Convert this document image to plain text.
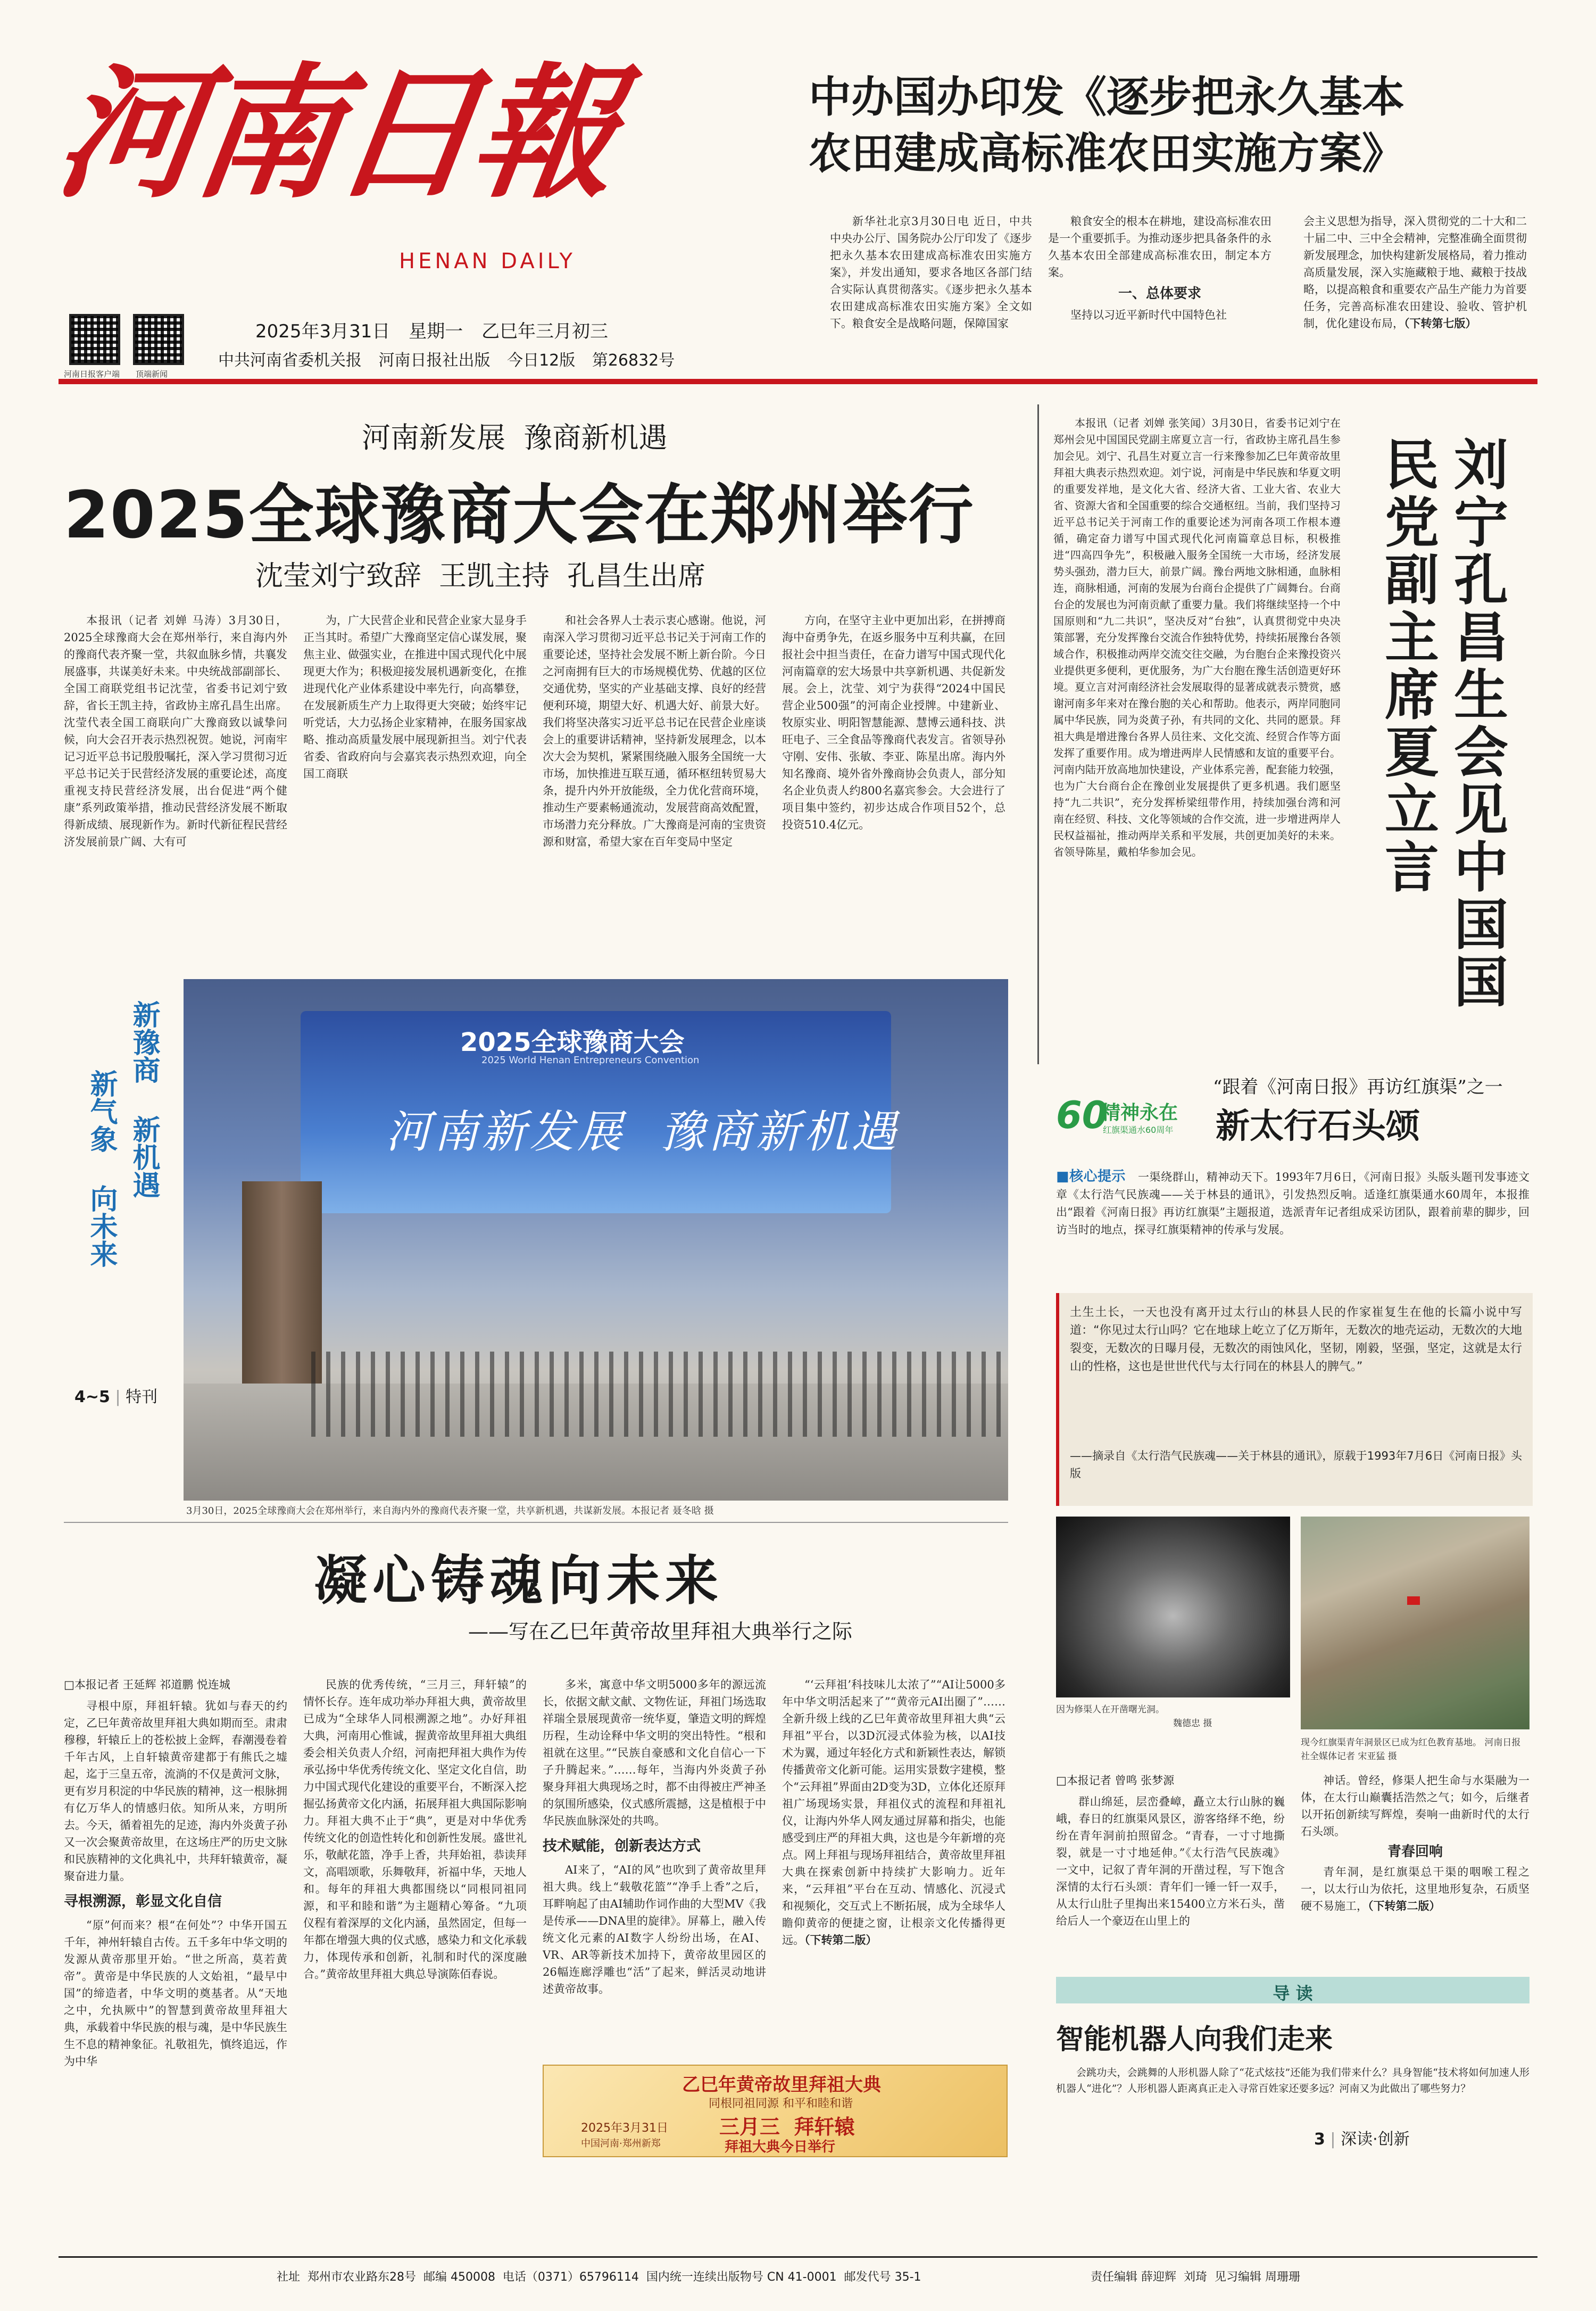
河南日報
HENAN DAILY
河南日报客户端 顶端新闻
2025年3月31日 星期一 乙巳年三月初三
中共河南省委机关报 河南日报社出版 今日12版 第26832号
中办国办印发《逐步把永久基本
农田建成高标准农田实施方案》

新华社北京3月30日电 近日，中共中央办公厅、国务院办公厅印发了《逐步把永久基本农田建成高标准农田实施方案》，并发出通知，要求各地区各部门结合实际认真贯彻落实。《逐步把永久基本农田建成高标准农田实施方案》全文如下。粮食安全是战略问题，保障国家

粮食安全的根本在耕地，建设高标准农田是一个重要抓手。为推动逐步把具备条件的永久基本农田全部建成高标准农田，制定本方案。

一、总体要求

坚持以习近平新时代中国特色社

会主义思想为指导，深入贯彻党的二十大和二十届二中、三中全会精神，完整准确全面贯彻新发展理念，加快构建新发展格局，着力推动高质量发展，深入实施藏粮于地、藏粮于技战略，以提高粮食和重要农产品生产能力为首要任务，完善高标准农田建设、验收、管护机制，优化建设布局，（下转第七版）
河南新发展  豫商新机遇
2025全球豫商大会在郑州举行
沈莹刘宁致辞  王凯主持  孔昌生出席

本报讯（记者 刘婵 马涛）3月30日，2025全球豫商大会在郑州举行，来自海内外的豫商代表齐聚一堂，共叙血脉乡情，共襄发展盛事，共谋美好未来。中央统战部副部长、全国工商联党组书记沈莹，省委书记刘宁致辞，省长王凯主持，省政协主席孔昌生出席。沈莹代表全国工商联向广大豫商致以诚挚问候，向大会召开表示热烈祝贺。她说，河南牢记习近平总书记殷殷嘱托，深入学习贯彻习近平总书记关于民营经济发展的重要论述，高度重视支持民营经济发展，出台促进“两个健康”系列政策举措，推动民营经济发展不断取得新成绩、展现新作为。新时代新征程民营经济发展前景广阔、大有可

为，广大民营企业和民营企业家大显身手正当其时。希望广大豫商坚定信心谋发展，聚焦主业、做强实业，在推进中国式现代化中展现更大作为；积极迎接发展机遇新变化，在推进现代化产业体系建设中率先行，向高攀登，在发展新质生产力上取得更大突破；始终牢记听党话，大力弘扬企业家精神，在服务国家战略、推动高质量发展中展现新担当。刘宁代表省委、省政府向与会嘉宾表示热烈欢迎，向全国工商联

和社会各界人士表示衷心感谢。他说，河南深入学习贯彻习近平总书记关于河南工作的重要论述，坚持社会发展不断上新台阶。今日之河南拥有巨大的市场规模优势、优越的区位交通优势，坚实的产业基础支撑、良好的经营便利环境，期望大好、机遇大好、前景大好。我们将坚决落实习近平总书记在民营企业座谈会上的重要讲话精神，坚持新发展理念，以本次大会为契机，紧紧围绕融入服务全国统一大市场，加快推进互联互通，循环枢纽转贸易大条，提升内外开放能级，全力优化营商环境，推动生产要素畅通流动，发展营商高效配置，市场潜力充分释放。广大豫商是河南的宝贵资源和财富，希望大家在百年变局中坚定

方向，在坚守主业中更加出彩，在拼搏商海中奋勇争先，在返乡服务中互利共赢，在回报社会中担当责任，在奋力谱写中国式现代化河南篇章的宏大场景中共享新机遇、共促新发展。会上，沈莹、刘宁为获得“2024中国民营企业500强”的河南企业授牌。中建新业、牧原实业、明阳智慧能源、慧博云通科技、洪旺电子、三全食品等豫商代表发言。省领导孙守刚、安伟、张敏、李亚、陈星出席。海内外知名豫商、境外省外豫商协会负责人，部分知名企业负责人约800名嘉宾参会。大会进行了项目集中签约，初步达成合作项目52个，总投资510.4亿元。

本报讯（记者 刘婵 张笑闻）3月30日，省委书记刘宁在郑州会见中国国民党副主席夏立言一行，省政协主席孔昌生参加会见。刘宁、孔昌生对夏立言一行来豫参加乙巳年黄帝故里拜祖大典表示热烈欢迎。刘宁说，河南是中华民族和华夏文明的重要发祥地，是文化大省、经济大省、工业大省、农业大省、资源大省和全国重要的综合交通枢纽。当前，我们坚持习近平总书记关于河南工作的重要论述为河南各项工作根本遵循，确定奋力谱写中国式现代化河南篇章总目标，积极推进“四高四争先”，积极融入服务全国统一大市场，经济发展势头强劲，潜力巨大，前景广阔。豫台两地文脉相通，血脉相连，商脉相通，河南的发展为台商台企提供了广阔舞台。台商台企的发展也为河南贡献了重要力量。我们将继续坚持一个中国原则和“九二共识”，坚决反对“台独”，认真贯彻党中央决策部署，充分发挥豫台交流合作独特优势，持续拓展豫台各领域合作，积极推动两岸交流交往交融，为台胞台企来豫投资兴业提供更多便利，更优服务，为广大台胞在豫生活创造更好环境。夏立言对河南经济社会发展取得的显著成就表示赞赏，感谢河南多年来对在豫台胞的关心和帮助。他表示，两岸同胞同属中华民族，同为炎黄子孙，有共同的文化、共同的愿景。拜祖大典是增进豫台各界人员往来、文化交流、经贸合作等方面发挥了重要作用。成为增进两岸人民情感和友谊的重要平台。河南内陆开放高地加快建设，产业体系完善，配套能力较强，也为广大台商台企在豫创业发展提供了更多机遇。我们愿坚持“九二共识”，充分发挥桥梁纽带作用，持续加强台湾和河南在经贸、科技、文化等领域的合作交流，进一步增进两岸人民权益福祉，推动两岸关系和平发展，共创更加美好的未来。省领导陈星，戴柏华参加会见。	刘宁孔昌生会见中国国民党副主席夏立言
新豫商 新机遇
新气象 向未来
4~5 | 特刊
2025全球豫商大会
2025 World Henan Entrepreneurs Convention
河南新发展  豫商新机遇
3月30日，2025全球豫商大会在郑州举行，来自海内外的豫商代表齐聚一堂，共享新机遇，共谋新发展。本报记者 聂冬晗 摄
60
精神永在
红旗渠通水60周年
“跟着《河南日报》再访红旗渠”之一
新太行石头颂
■核心提示 一渠绕群山，精神动天下。1993年7月6日，《河南日报》头版头题刊发事迹文章《太行浩气民族魂——关于林县的通讯》，引发热烈反响。适逢红旗渠通水60周年，本报推出“跟着《河南日报》再访红旗渠”主题报道，选派青年记者组成采访团队，跟着前辈的脚步，回访当时的地点，探寻红旗渠精神的传承与发展。
土生土长，一天也没有离开过太行山的林县人民的作家崔复生在他的长篇小说中写道：“你见过太行山吗？它在地球上屹立了亿万斯年，无数次的地壳运动，无数次的大地裂变，无数次的日曝月侵，无数次的雨蚀风化，坚韧，刚毅，坚强，坚定，这就是太行山的性格，这也是世世代代与太行同在的林县人的脾气。”
——摘录自《太行浩气民族魂——关于林县的通讯》，原载于1993年7月6日《河南日报》头版
因为修渠人在开凿曙光洞。
魏德忠 摄
现今红旗渠青年洞景区已成为红色教育基地。 河南日报社全媒体记者 宋亚猛 摄
□本报记者 曾鸣 张梦源

群山绵延，层峦叠嶂，矗立太行山脉的巍峨，春日的红旗渠风景区，游客络绎不绝，纷纷在青年洞前拍照留念。“青春，一寸寸地撕裂，就是一寸寸地延伸。”《太行浩气民族魂》一文中，记叙了青年洞的开凿过程，写下饱含深情的太行石头颂：青年们一锤一钎一双手，从太行山肚子里掏出来15400立方米石头，凿给后人一个豪迈在山里上的

神话。曾经，修渠人把生命与水渠融为一体，在太行山巅囊括浩然之气；如今，后继者以开拓创新续写辉煌，奏响一曲新时代的太行石头颂。

青春回响

青年洞，是红旗渠总干渠的咽喉工程之一，以太行山为依托，这里地形复杂，石质坚硬不易施工，（下转第二版）

导 读
智能机器人向我们走来

会跳功夫，会跳舞的人形机器人除了“花式炫技”还能为我们带来什么？具身智能“技术将如何加速人形机器人“进化”？人形机器人距离真正走入寻常百姓家还要多远？河南又为此做出了哪些努力？

3 | 深读·创新
凝心铸魂向未来
——写在乙巳年黄帝故里拜祖大典举行之际
□本报记者 王延辉 祁道鹏 悦连城

寻根中原，拜祖轩辕。犹如与春天的约定，乙巳年黄帝故里拜祖大典如期而至。肃肃穆穆，轩辕丘上的苍松披上金辉，春潮漫卷着千年古风，上自轩辕黄帝建都于有熊氏之墟起，迄于三皇五帝，流淌的不仅是黄河文脉，更有岁月积淀的中华民族的精神，这一根脉拥有亿万华人的情感归依。知所从来，方明所去。今天，循着祖先的足迹，海内外炎黄子孙又一次会聚黄帝故里，在这场庄严的历史文脉和民族精神的文化典礼中，共拜轩辕黄帝，凝聚奋进力量。

寻根溯源，彰显文化自信

“原”何而来？根“在何处”？中华开国五千年，神州轩辕自古传。五千多年中华文明的发源从黄帝那里开始。“世之所高，莫若黄帝”。黄帝是中华民族的人文始祖，“最早中国”的缔造者，中华文明的奠基者。从“天地之中，允执厥中”的智慧到黄帝故里拜祖大典，承载着中华民族的根与魂，是中华民族生生不息的精神象征。礼敬祖先，慎终追远，作为中华

民族的优秀传统，“三月三，拜轩辕”的情怀长存。连年成功举办拜祖大典，黄帝故里已成为“全球华人同根溯源之地”。办好拜祖大典，河南用心惟诚，握黄帝故里拜祖大典组委会相关负责人介绍，河南把拜祖大典作为传承弘扬中华优秀传统文化、坚定文化自信，助力中国式现代化建设的重要平台，不断深入挖掘弘扬黄帝文化内涵，拓展拜祖大典国际影响力。拜祖大典不止于“典”，更是对中华优秀传统文化的创造性转化和创新性发展。盛世礼乐，敬献花篮，净手上香，共拜始祖，恭读拜文，高唱颂歌，乐舞敬拜，祈福中华，天地人和。每年的拜祖大典都围绕以“同根同祖同源，和平和睦和谐”为主题精心筹备。“九项仪程有着深厚的文化内涵，虽然固定，但每一年都在增强大典的仪式感，感染力和文化承载力，体现传承和创新，礼制和时代的深度融合。”黄帝故里拜祖大典总导演陈佰春说。

多米，寓意中华文明5000多年的源远流长，依据文献文献、文物佐证，拜祖门场选取祥瑞全景展现黄帝一统华夏，肇造文明的辉煌历程，生动诠释中华文明的突出特性。“根和祖就在这里。”“民族自豪感和文化自信心一下子升腾起来。”……每年，当海内外炎黄子孙聚身拜祖大典现场之时，都不由得被庄严神圣的氛围所感染，仪式感所震撼，这是植根于中华民族血脉深处的共鸣。

技术赋能，创新表达方式

AI来了，“AI的风”也吹到了黄帝故里拜祖大典。线上“载敬花篮”“净手上香”之后，耳畔响起了由AI辅助作词作曲的大型MV《我是传承——DNA里的旋律》。屏幕上，融入传统文化元素的AI数字人纷纷出场，在AI、VR、AR等新技术加持下，黄帝故里园区的26幅连廊浮雕也“活”了起来，鲜活灵动地讲述黄帝故事。

“‘云拜祖’科技味儿太浓了”“AI让5000多年中华文明活起来了”“黄帝元AI出圈了”……全新升级上线的乙巳年黄帝故里拜祖大典“云拜祖”平台，以3D沉浸式体验为核，以AI技术为翼，通过年轻化方式和新颖性表达，解锁传播黄帝文化新可能。运用实景数字建模，整个“云拜祖”界面由2D变为3D，立体化还原拜祖广场现场实景，拜祖仪式的流程和拜祖礼仪，让海内外华人网友通过屏幕和指尖，也能感受到庄严的拜祖大典，这也是今年新增的亮点。网上拜祖与现场拜祖结合，黄帝故里拜祖大典在探索创新中持续扩大影响力。近年来，“云拜祖”平台在互动、情感化、沉浸式和视频化，交互式上不断拓展，成为全球华人瞻仰黄帝的便捷之窗，让根亲文化传播得更远。（下转第二版）

乙巳年黄帝故里拜祖大典
同根同祖同源 和平和睦和谐
三月三  拜轩辕
2025年3月31日
中国河南·郑州新郑	拜祖大典今日举行
社址  郑州市农业路东28号  邮编 450008  电话（0371）65796114  国内统一连续出版物号 CN 41-0001  邮发代号 35-1	责任编辑 薛迎辉  刘琦  见习编辑 周珊珊
